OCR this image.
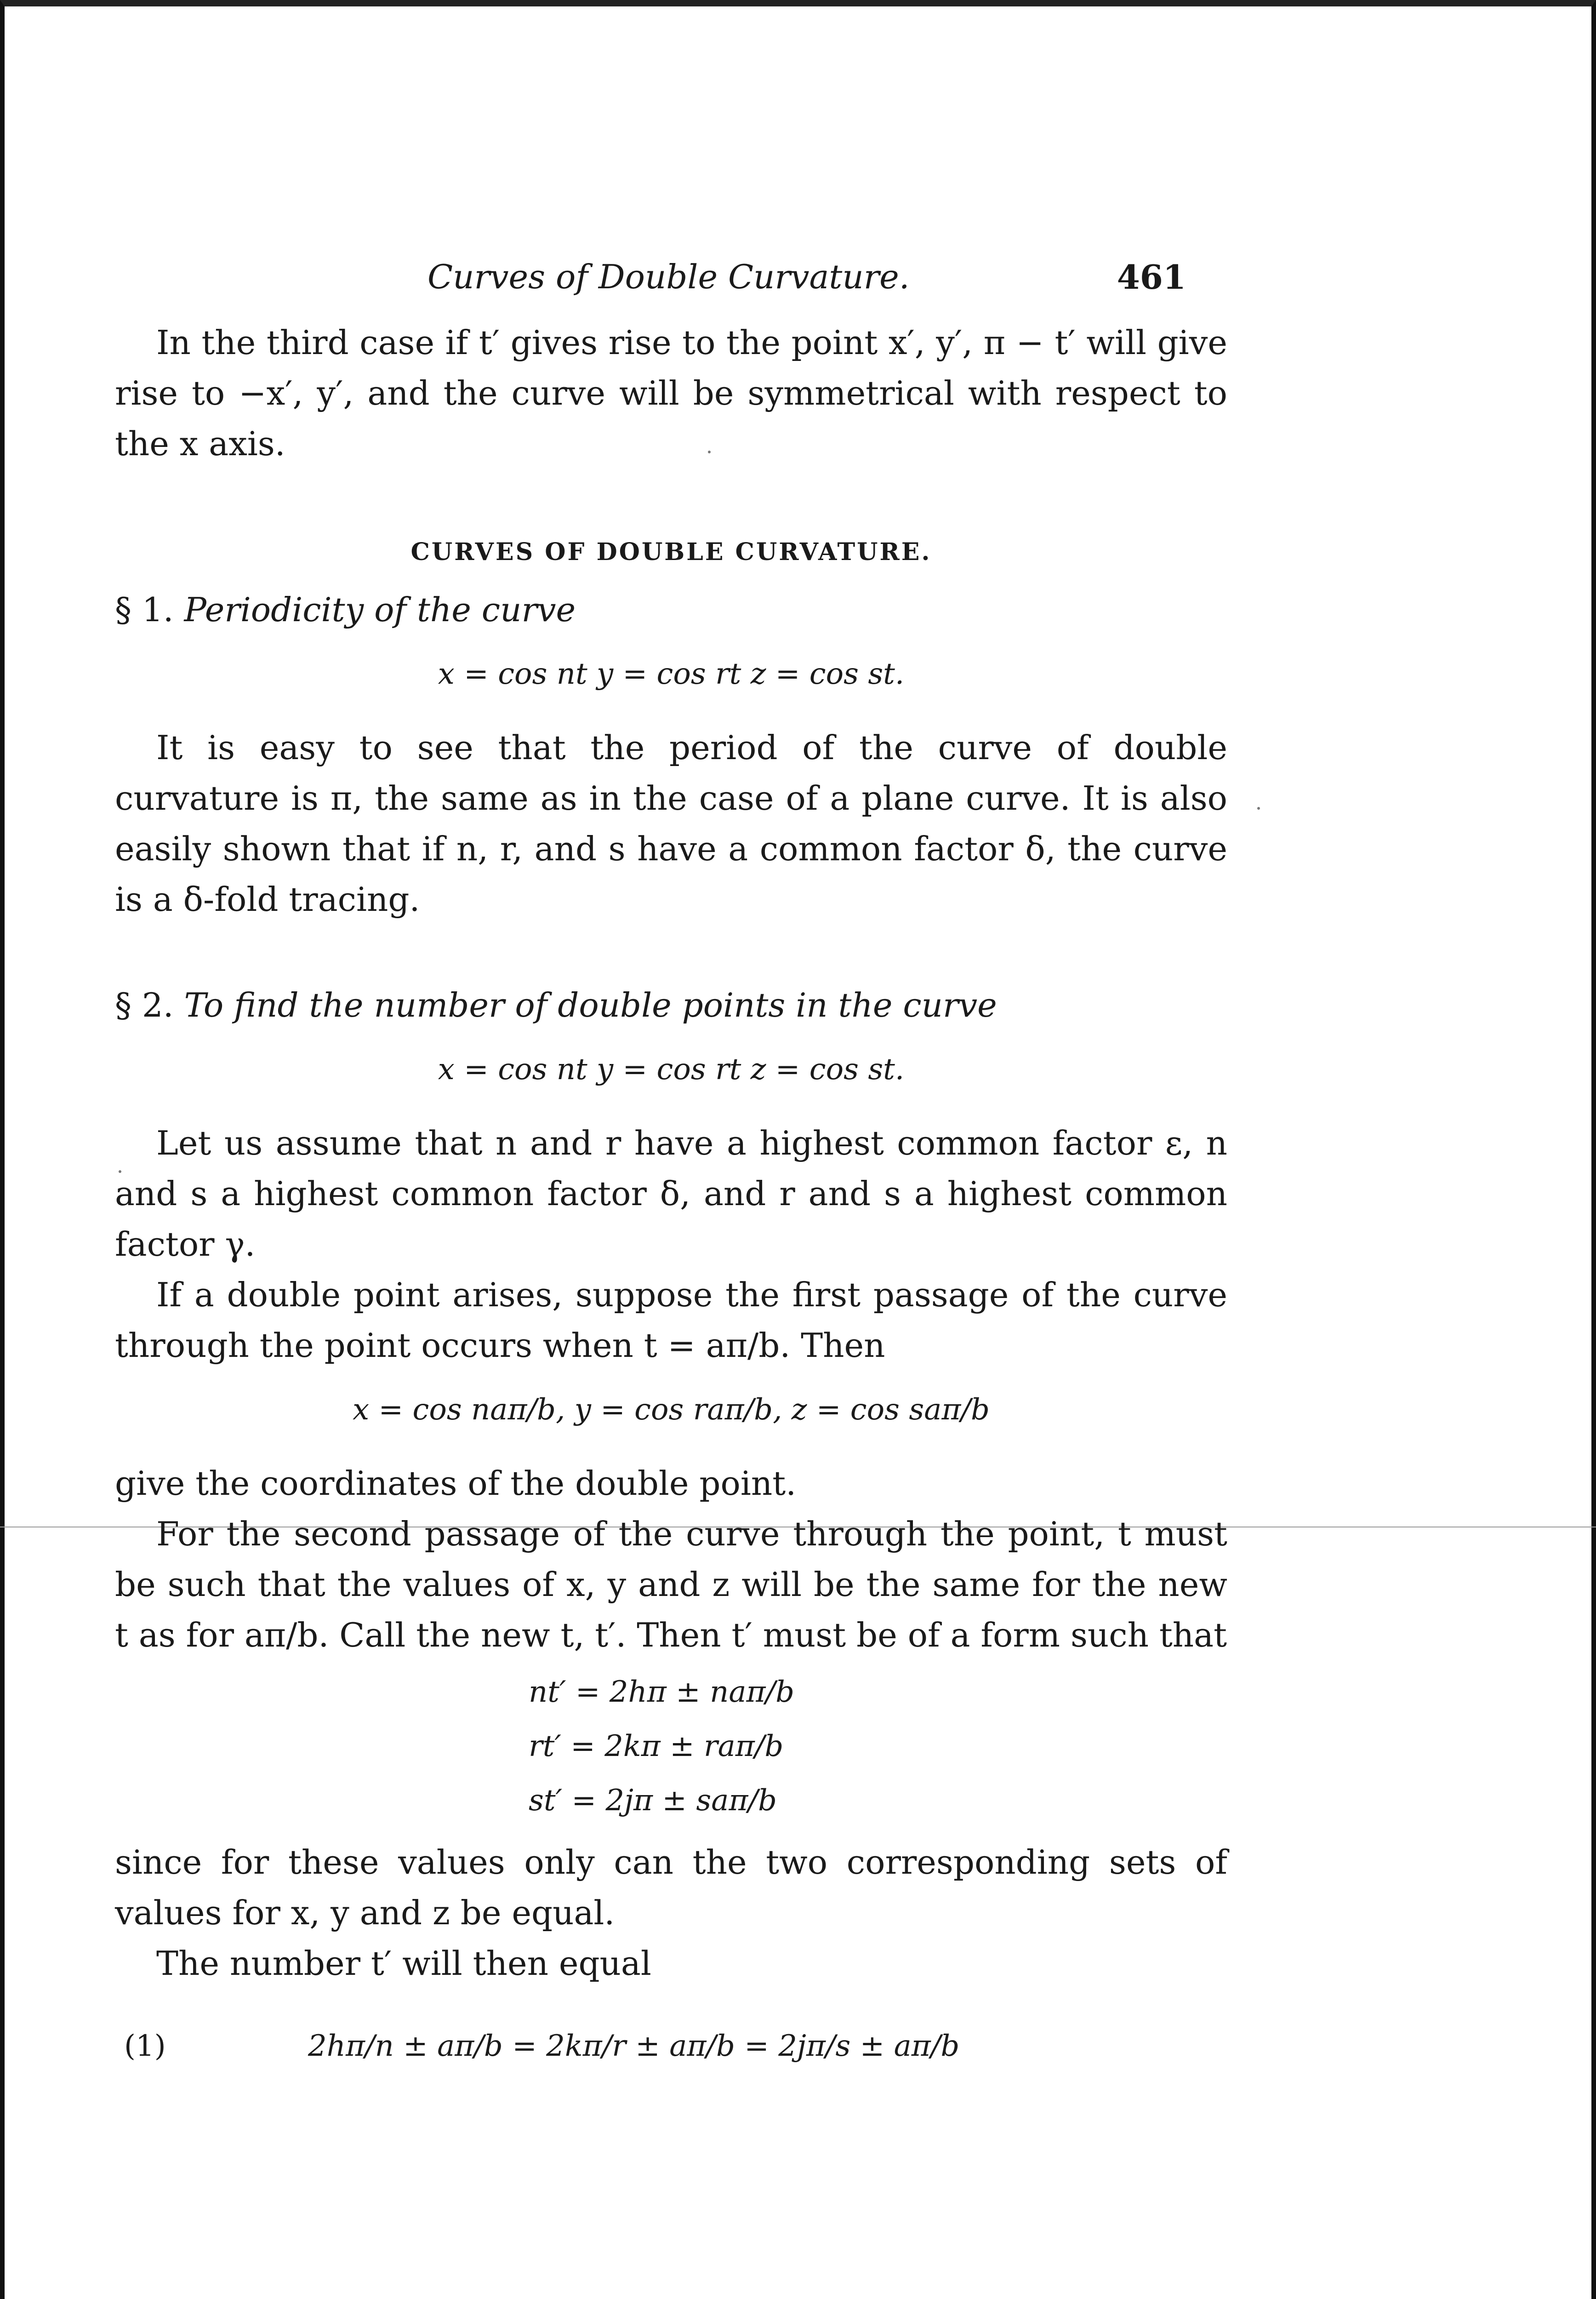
Curves of Double Curvature.	461

In the third case if t′ gives rise to the point x′, y′, π − t′ will give rise to −x′, y′, and the curve will be symmetrical with respect to the x axis.

CURVES OF DOUBLE CURVATURE.
§ 1. Periodicity of the curve
x = cos nt y = cos rt z = cos st.

It is easy to see that the period of the curve of double curvature is π, the same as in the case of a plane curve. It is also easily shown that if n, r, and s have a common factor δ, the curve is a δ-fold tracing.

§ 2. To find the number of double points in the curve
x = cos nt y = cos rt z = cos st.

Let us assume that n and r have a highest common factor ε, n and s a highest common factor δ, and r and s a highest common factor γ.

If a double point arises, suppose the first passage of the curve through the point occurs when t = aπ/b. Then

x = cos naπ/b, y = cos raπ/b, z = cos saπ/b

give the coordinates of the double point.

For the second passage of the curve through the point, t must be such that the values of x, y and z will be the same for the new t as for aπ/b. Call the new t, t′. Then t′ must be of a form such that

nt′ = 2hπ ± naπ/b
rt′ = 2kπ ± raπ/b
st′ = 2jπ ± saπ/b

since for these values only can the two corresponding sets of values for x, y and z be equal.

The number t′ will then equal

(1)	2hπ/n ± aπ/b = 2kπ/r ± aπ/b = 2jπ/s ± aπ/b
